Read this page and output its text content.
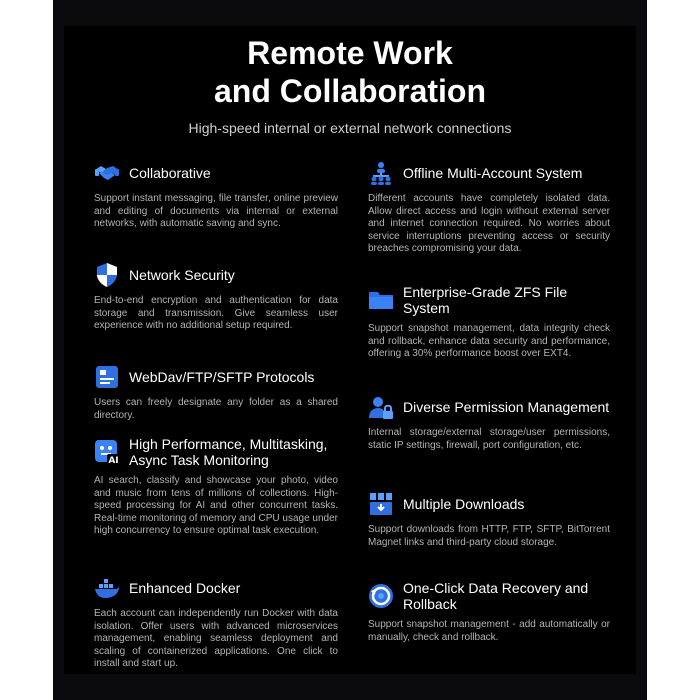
Remote Work
and Collaboration

High-speed internal or external network connections

Collaborative
Support instant messaging, file transfer, online preview and editing of documents via internal or external networks, with automatic saving and sync.
Network Security
End-to-end encryption and authentication for data storage and transmission. Give seamless user experience with no additional setup required.
WebDav/FTP/SFTP Protocols
Users can freely designate any folder as a shared directory.
AI
High Performance, Multitasking, Async Task Monitoring
AI search, classify and showcase your photo, video and music from tens of millions of collections. High-speed processing for AI and other concurrent tasks. Real-time monitoring of memory and CPU usage under high concurrency to ensure optimal task execution.
Enhanced Docker
Each account can independently run Docker with data isolation. Offer users with advanced microservices management, enabling seamless deployment and scaling of containerized applications. One click to install and start up.
Offline Multi-Account System
Different accounts have completely isolated data. Allow direct access and login without external server and internet connection required. No worries about service interruptions preventing access or security breaches compromising your data.
Enterprise-Grade ZFS File System
Support snapshot management, data integrity check and rollback, enhance data security and performance, offering a 30% performance boost over EXT4.
Diverse Permission Management
Internal storage/external storage/user permissions, static IP settings, firewall, port configuration, etc.
Multiple Downloads
Support downloads from HTTP, FTP, SFTP, BitTorrent Magnet links and third-party cloud storage.
One-Click Data Recovery and Rollback
Support snapshot management - add automatically or manually, check and rollback.
